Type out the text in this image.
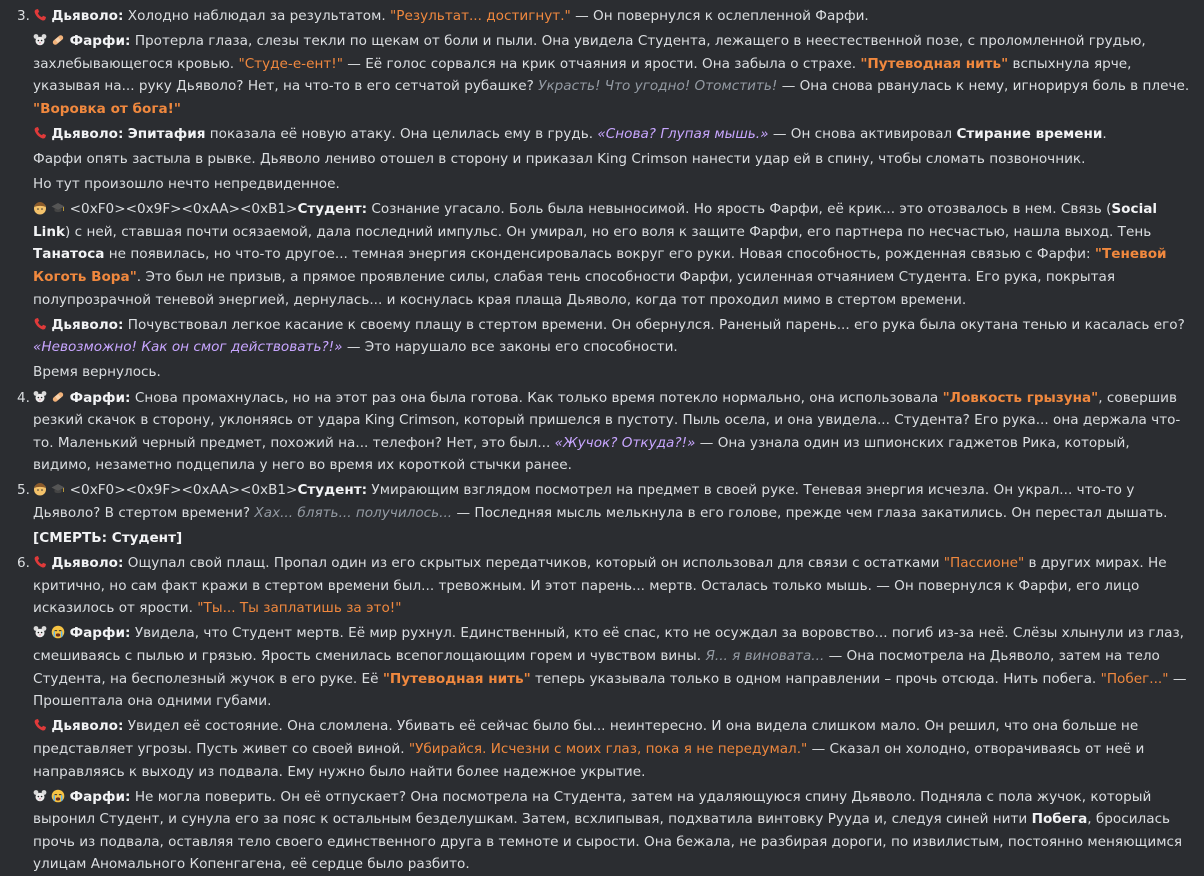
3.	Дьяволо: Холодно наблюдал за результатом. "Результат... достигнут." — Он повернулся к ослепленной Фарфи.

Фарфи: Протерла глаза, слезы текли по щекам от боли и пыли. Она увидела Студента, лежащего в неестественной позе, с проломленной грудью, захлебывающегося кровью. "Студе-е-ент!" — Её голос сорвался на крик отчаяния и ярости. Она забыла о страхе. "Путеводная нить" вспыхнула ярче, указывая на... руку Дьяволо? Нет, на что-то в его сетчатой рубашке? Украсть! Что угодно! Отомстить! — Она снова рванулась к нему, игнорируя боль в плече. "Воровка от бога!"
Дьяволо: Эпитафия показала её новую атаку. Она целилась ему в грудь. «Снова? Глупая мышь.» — Он снова активировал Стирание времени.
Фарфи опять застыла в рывке. Дьяволо лениво отошел в сторону и приказал King Crimson нанести удар ей в спину, чтобы сломать позвоночник.
Но тут произошло нечто непредвиденное.

<0xF0><0x9F><0xAA><0xB1>Студент: Сознание угасало. Боль была невыносимой. Но ярость Фарфи, её крик... это отозвалось в нем. Связь (Social Link) с ней, ставшая почти осязаемой, дала последний импульс. Он умирал, но его воля к защите Фарфи, его партнера по несчастью, нашла выход. Тень Танатоса не появилась, но что-то другое... темная энергия сконденсировалась вокруг его руки. Новая способность, рожденная связью с Фарфи: "Теневой Коготь Вора". Это был не призыв, а прямое проявление силы, слабая тень способности Фарфи, усиленная отчаянием Студента. Его рука, покрытая полупрозрачной теневой энергией, дернулась... и коснулась края плаща Дьяволо, когда тот проходил мимо в стертом времени.
Дьяволо: Почувствовал легкое касание к своему плащу в стертом времени. Он обернулся. Раненый парень... его рука была окутана тенью и касалась его? «Невозможно! Как он смог действовать?!» — Это нарушало все законы его способности.
Время вернулось.
4.
	Фарфи: Снова промахнулась, но на этот раз она была готова. Как только время потекло нормально, она использовала "Ловкость грызуна", совершив резкий скачок в сторону, уклоняясь от удара King Crimson, который пришелся в пустоту. Пыль осела, и она увидела... Студента? Его рука... она держала что-то. Маленький черный предмет, похожий на... телефон? Нет, это был... «Жучок? Откуда?!» — Она узнала один из шпионских гаджетов Рика, который, видимо, незаметно подцепила у него во время их короткой стычки ранее.
5.
	<0xF0><0x9F><0xAA><0xB1>Студент: Умирающим взглядом посмотрел на предмет в своей руке. Теневая энергия исчезла. Он украл... что-то у Дьяволо? В стертом времени? Хах... блять... получилось... — Последняя мысль мелькнула в его голове, прежде чем глаза закатились. Он перестал дышать.
[СМЕРТЬ: Студент]
6.	Дьяволо: Ощупал свой плащ. Пропал один из его скрытых передатчиков, который он использовал для связи с остатками "Пассионе" в других мирах. Не критично, но сам факт кражи в стертом времени был... тревожным. И этот парень... мертв. Осталась только мышь. — Он повернулся к Фарфи, его лицо исказилось от ярости. "Ты... Ты заплатишь за это!"

Фарфи: Увидела, что Студент мертв. Её мир рухнул. Единственный, кто её спас, кто не осуждал за воровство... погиб из-за неё. Слёзы хлынули из глаз, смешиваясь с пылью и грязью. Ярость сменилась всепоглощающим горем и чувством вины. Я... я виновата... — Она посмотрела на Дьяволо, затем на тело Студента, на бесполезный жучок в его руке. Её "Путеводная нить" теперь указывала только в одном направлении – прочь отсюда. Нить побега. "Побег..." — Прошептала она одними губами.
Дьяволо: Увидел её состояние. Она сломлена. Убивать её сейчас было бы... неинтересно. И она видела слишком мало. Он решил, что она больше не представляет угрозы. Пусть живет со своей виной. "Убирайся. Исчезни с моих глаз, пока я не передумал." — Сказал он холодно, отворачиваясь от неё и направляясь к выходу из подвала. Ему нужно было найти более надежное укрытие.

Фарфи: Не могла поверить. Он её отпускает? Она посмотрела на Студента, затем на удаляющуюся спину Дьяволо. Подняла с пола жучок, который выронил Студент, и сунула его за пояс к остальным безделушкам. Затем, всхлипывая, подхватила винтовку Рууда и, следуя синей нити Побега, бросилась прочь из подвала, оставляя тело своего единственного друга в темноте и сырости. Она бежала, не разбирая дороги, по извилистым, постоянно меняющимся улицам Аномального Копенгагена, её сердце было разбито.
